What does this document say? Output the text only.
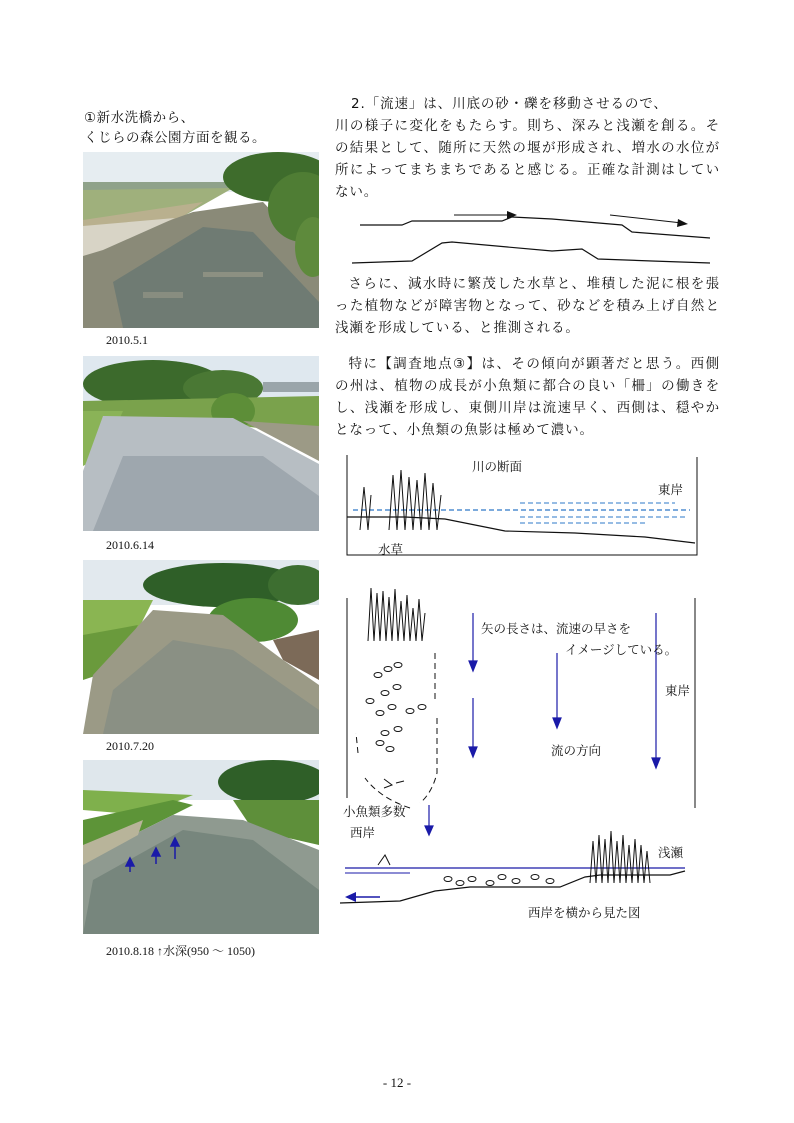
①新水洗橋から、
くじらの森公園方面を観る。
2010.5.1
2010.6.14
2010.7.20
2010.8.18 ↑水深(950 ～ 1050)
2.「流速」は、川底の砂・礫を移動させるので、
川の様子に変化をもたらす。則ち、深みと浅瀬を創る。その結果として、随所に天然の堰が形成され、増水の水位が所によってまちまちであると感じる。正確な計測はしていない。

さらに、減水時に繁茂した水草と、堆積した泥に根を張った植物などが障害物となって、砂などを積み上げ自然と浅瀬を形成している、と推測される。

特に【調査地点③】は、その傾向が顕著だと思う。西側の州は、植物の成長が小魚類に都合の良い「柵」の働きをし、浅瀬を形成し、東側川岸は流速早く、西側は、穏やかとなって、小魚類の魚影は極めて濃い。

川の断面
東岸
水草
矢の長さは、流速の早さを
イメージしている。
東岸
流の方向
小魚類多数
西岸
浅瀬
西岸を横から見た図
- 12 -
